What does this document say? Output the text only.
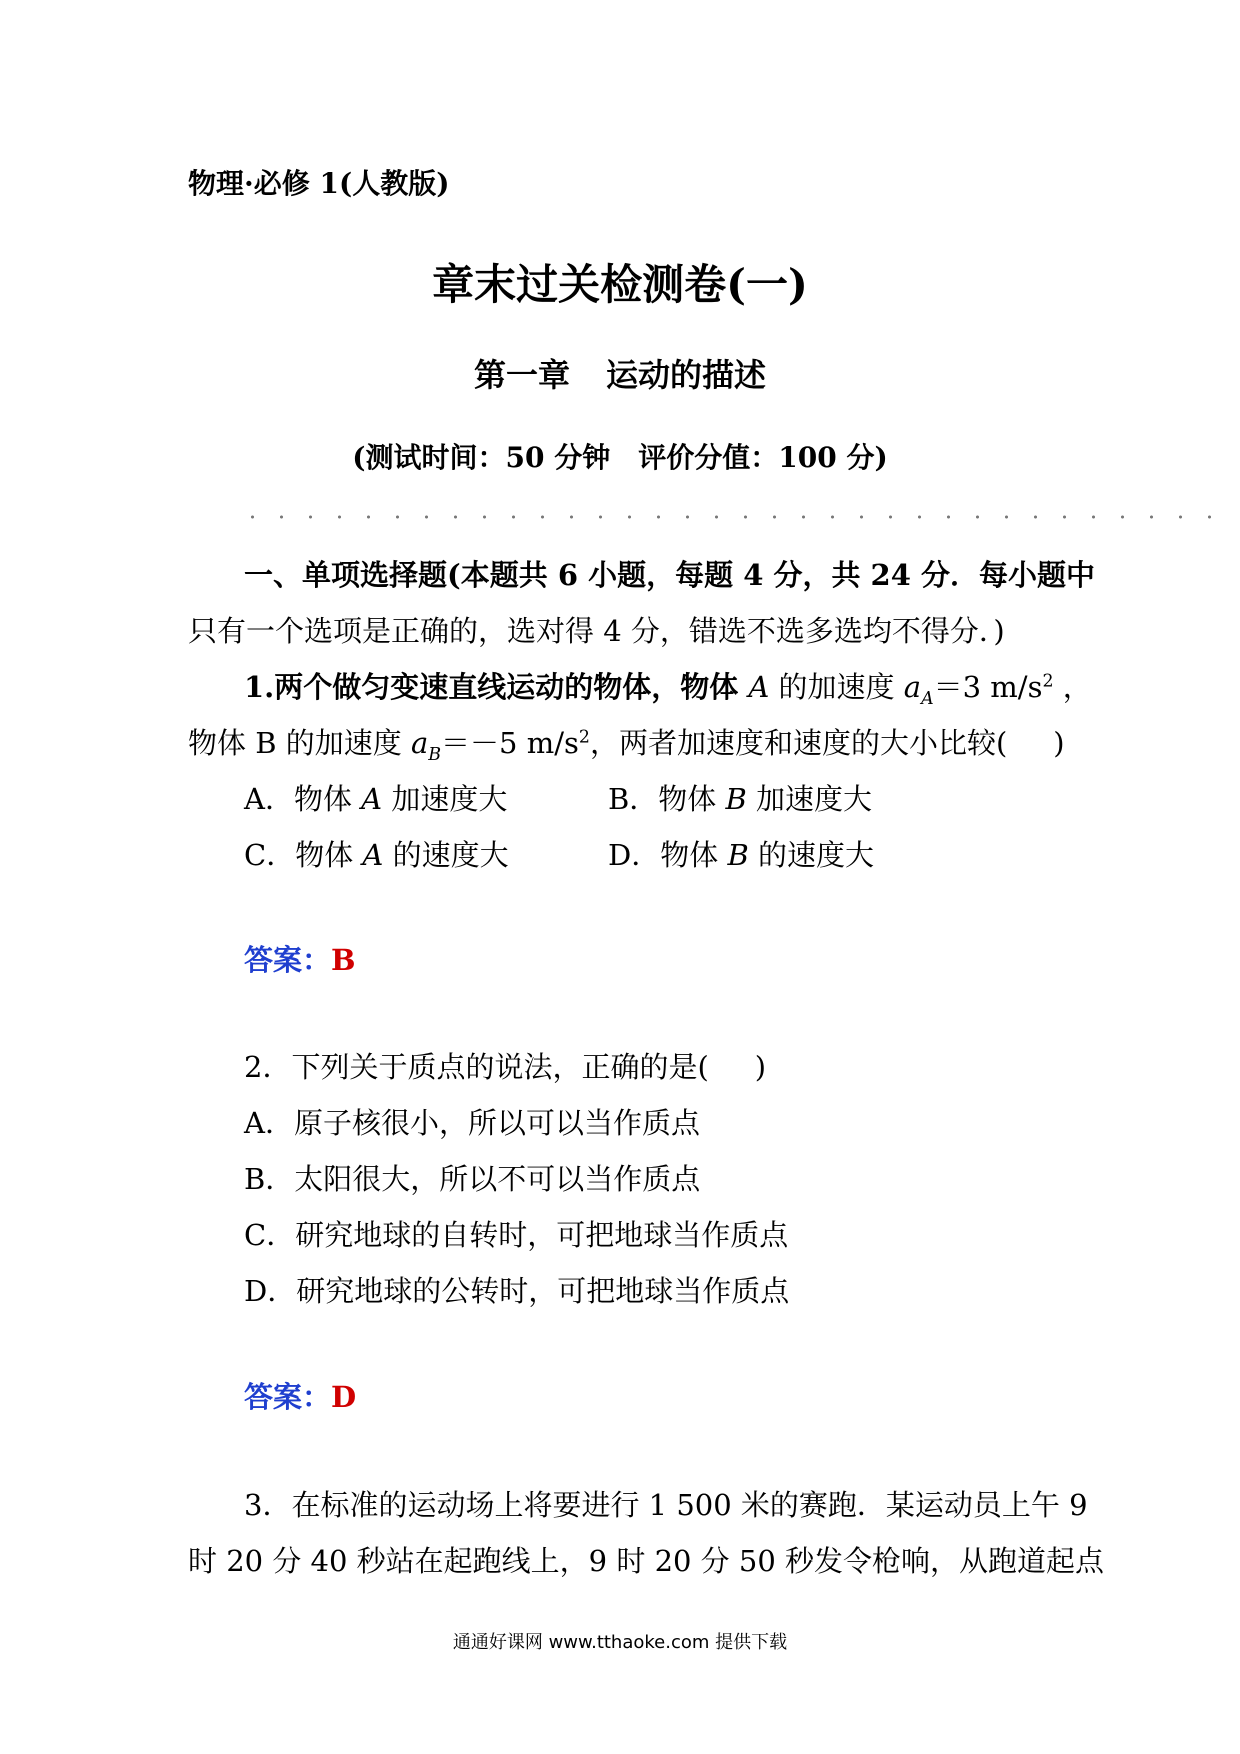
物理·必修 1(人教版)
章末过关检测卷(一)
第一章 运动的描述
(测试时间：50 分钟 评价分值：100 分)
一、单项选择题(本题共 6 小题，每题 4 分，共 24 分．每小题中
只有一个选项是正确的，选对得 4 分，错选不选多选均不得分．)
1.两个做匀变速直线运动的物体，物体 A 的加速度 $a_A=3$ $m/s^2$ ，
物体 B 的加速度 $a_B=-5$ $m/s^2$，两者加速度和速度的大小比较( )
A．物体 A 加速度大	B．物体 B 加速度大
C．物体 A 的速度大	D．物体 B 的速度大
答案：B
2．下列关于质点的说法，正确的是( )
A．原子核很小，所以可以当作质点
B．太阳很大，所以不可以当作质点
C．研究地球的自转时，可把地球当作质点
D．研究地球的公转时，可把地球当作质点
答案：D
3．在标准的运动场上将要进行 1 500 米的赛跑．某运动员上午 9
时 20 分 40 秒站在起跑线上，9 时 20 分 50 秒发令枪响，从跑道起点
通通好课网 www.tthaoke.com 提供下载
